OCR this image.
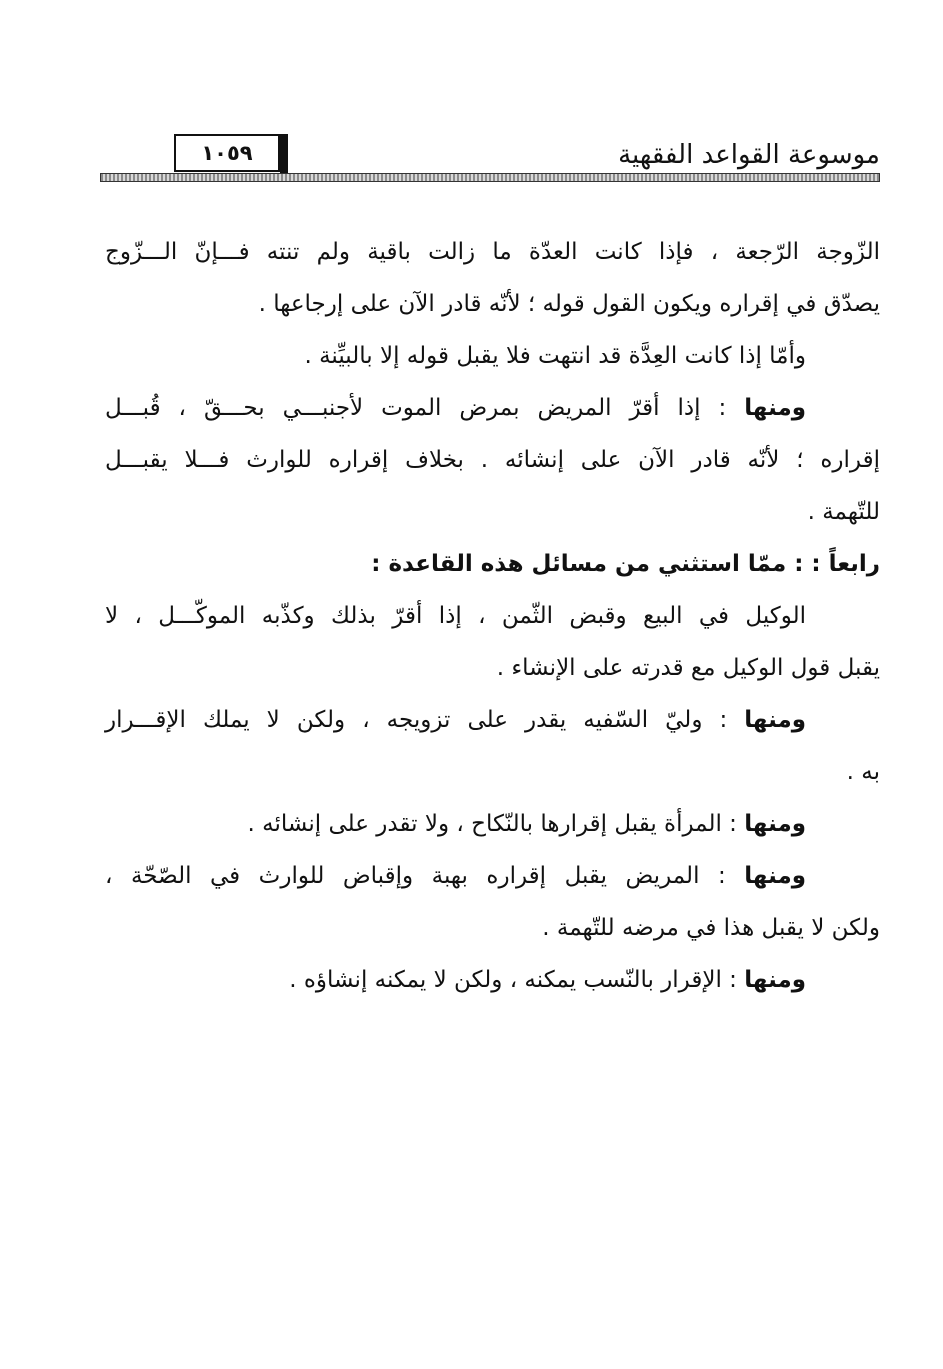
موسوعة القواعد الفقهية
١٠٥٩
الزّوجة الرّجعة ، فإذا كانت العدّة ما زالت باقية ولم تنته فـــإنّ الـــزّوج
يصدّق في إقراره ويكون القول قوله ؛ لأنّه قادر الآن على إرجاعها .
وأمّا إذا كانت العِدَّة قد انتهت فلا يقبل قوله إلا بالبيِّنة .
ومنها : إذا أقرّ المريض بمرض الموت لأجنبـــي بحـــقّ ، قُبـــل
إقراره ؛ لأنّه قادر الآن على إنشائه . بخلاف إقراره للوارث فـــلا يقبـــل
للتّهمة .
رابعاً : : ممّا استثني من مسائل هذه القاعدة :
الوكيل في البيع وقبض الثّمن ، إذا أقرّ بذلك وكذّبه الموكّـــل ، لا
يقبل قول الوكيل مع قدرته على الإنشاء .
ومنها : وليّ السّفيه يقدر على تزويجه ، ولكن لا يملك الإقـــرار
به .
ومنها : المرأة يقبل إقرارها بالنّكاح ، ولا تقدر على إنشائه .
ومنها : المريض يقبل إقراره بهبة وإقباض للوارث في الصّحّة ،
ولكن لا يقبل هذا في مرضه للتّهمة .
ومنها : الإقرار بالنّسب يمكنه ، ولكن لا يمكنه إنشاؤه .
